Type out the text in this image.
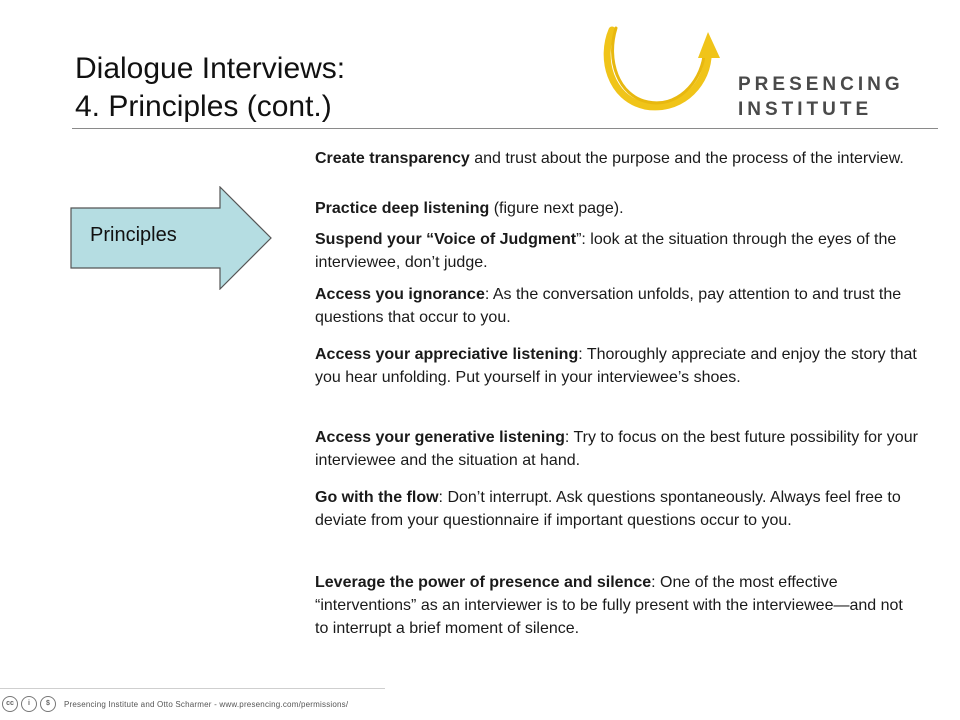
Dialogue Interviews:
4. Principles (cont.)
PRESENCING
INSTITUTE
Principles
Create transparency and trust about the purpose and the process of the interview.
Practice deep listening (figure next page).
Suspend your “Voice of Judgment”: look at the situation through the eyes of the interviewee, don’t judge.
Access you ignorance: As the conversation unfolds, pay attention to and trust the questions that occur to you.
Access your appreciative listening: Thoroughly appreciate and enjoy the story that you hear unfolding. Put yourself in your interviewee’s shoes.
Access your generative listening: Try to focus on the best future possibility for your interviewee and the situation at hand.
Go with the flow: Don’t interrupt. Ask questions spontaneously. Always feel free to deviate from your questionnaire if important questions occur to you.
Leverage the power of presence and silence: One of the most effective “interventions” as an interviewer is to be fully present with the interviewee—and not to interrupt a brief moment of silence.
cc	i	$	Presencing Institute and Otto Scharmer - www.presencing.com/permissions/
